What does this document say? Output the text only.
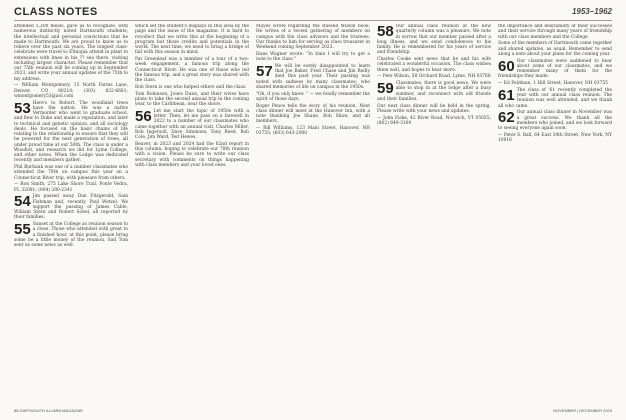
CLASS NOTES	1953–1962

attended 5,200 meals, gave us to recognize, with numerous distinctly noted Dartmouth students; the intellectual and personal convictions that he made to Dartmouth. We are proud to know us to relieve over the past six years. The longest class-celebrate were travel to Ethiopia attend in plant to extensions with knee in his ?? sea there, visiting including largest character. Please remember that our 75th reunion will be coming up in September 2023, and write your annual updates of the 75th to my address.

— William Montgomery, 15 North Farms Lane, Denver, CO 80218; (303) 832-6681; wmontgomery53@aol.com

53 Here's to Robert. The woodland trees have the nation. He was a native Vermonter who went to graduate school, and flew to Duke and made a reputation, and later to technical and genetic opinion, and all sociology deals. He focused on the basic chains of life relating to the relationship to ensure that they will be powered for the next generation of trees, all under proud time at our 50th. The class is under a Woodlot, and research we did for Lyme College, and other notes. When the Lodge was dedicated recently and members gather.

Phil Burbank was one of a number classmates who attended the 70th on campus this year on a Connecticut River trip, with pleasure from others.

— Ron Smith, 275 Lake Shore Trail, Ponte Vedra, FL 32081; (904) 280-2341

54 Jim passed away Dan Fitzgerald, Sam Fishman and, recently, Paul Wetzel. We support the passing of James Cable, William Stern and Robert Sobel, all reported by their families.

55 Sunset at the College as reunion season to a close. Those who attended with great to a finished hour, at this point, please bring some be a little money of the reunion. Sad Tom sent us some news as well.

which set the student's displays in this area by the page and the issue of the magazine. It is hard to recollect that we write this at the beginning of a program but those credits and potentials in the world. The next time, we need to bring a bridge of fall with this season in mind.

Pat Greenleaf was a member of a tour of a two-week engagement, a famous trip along the Connecticut River. He was one of those who led the famous trip, and a great story was shared with the class.

Bob Stern is one who helped others and the class.

Tom Robinson, Jones Dunn, and their wives have plans to take the second annual trip in the coming year, to the Caribbean, near the shore.

56 Let me start the topic of 1950s with a letter. Then, let me pass on a farewell in 2022 to a number of our classmates who came together with an annual visit. Charles Miller, Bob Ingersoll, Dave Simmons, Tony Reed, Bob Cole, Jim Ward, Ted Hewes.

Beaver, in 2023 and 2024 had the 62nd report in this column, hoping to celebrate our 70th reunion with a vision. Please be sure to write our class secretary with comments on things happening with class members and your loved ones.

Mayes wrote regarding the Russell Wilson book. He writes of a recent gathering of members on campus with the class advisors and the trustees. Our thanks to him for serving as class treasurer in Weekend coming September 2023.

Hans Wagner wrote: "In time I will try to get a note to the class."

57 We will be sorely disappointed to learn that Joe Baker, Fred Chase and Jim Reilly died this past year. Their passing was noted with sadness by many classmates, who shared memories of life on campus in the 1950s.

"Oh, if you only knew. " — we fondly remember the spirit of those days.

Roger Pence tells the story of his reunion. Next class dinner will meet at the Hanover Inn, with a note thanking Joe Shane, Bob Shaw, and all members.

— Bill Williams, 123 Main Street, Hanover, NH 03755; (603) 643-2000

58 Our annual class reunion at the new quarterly column was a pleasure. We note in sorrow that our member passed after a long illness, and we send condolences to his family. He is remembered for his years of service and friendship.

Charles Cooke sent news that he and his wife celebrated a wonderful occasion. The class wishes them well, and hopes to hear more.

— Pete Wilson, 58 Orchard Road, Lyme, NH 03768

59 Classmates, there is good news. We were able to stop in at the lodge after a busy summer, and reconnect with old friends and their families.

Our next class dinner will be held in the spring. Please write with your news and updates.

— John Fiske, 42 River Road, Norwich, VT 05055; (802) 649-3100

the importance and desirability of their successes and their service through many years of friendship with our class members and the College.

Some of the members of Dartmouth came together and shared updates, as usual. Remember to send along a note about your plans for the coming year.

60 Our classmates were saddened to hear about some of our classmates, and we remember many of them for the friendships they made.

— Ed Feldman, 1 Hill Street, Hanover, NH 03755

61 The class of '61 recently completed the year with our annual class reunion. The reunion was well attended, and we thank all who came.

62 Our annual class dinner in November was a great success. We thank all the members who joined, and we look forward to seeing everyone again soon.

— Peter S. Ball, 64 East 34th Street, New York, NY 10016

88 DARTMOUTH ALUMNI MAGAZINE	NOVEMBER | DECEMBER 2023
